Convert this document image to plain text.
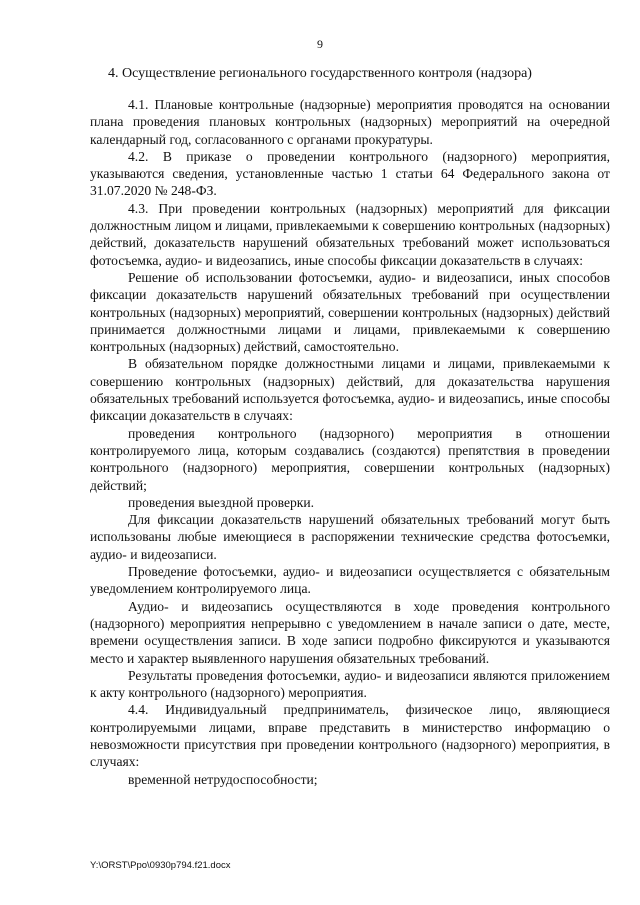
9
4. Осуществление регионального государственного контроля (надзора)

4.1. Плановые контрольные (надзорные) мероприятия проводятся на основании плана проведения плановых контрольных (надзорных) мероприятий на очередной календарный год, согласованного с органами прокуратуры.

4.2. В приказе о проведении контрольного (надзорного) мероприятия, указываются сведения, установленные частью 1 статьи 64 Федерального закона от 31.07.2020 № 248-ФЗ.

4.3. При проведении контрольных (надзорных) мероприятий для фиксации должностным лицом и лицами, привлекаемыми к совершению контрольных (надзорных) действий, доказательств нарушений обязательных требований может использоваться фотосъемка, аудио- и видеозапись, иные способы фиксации доказательств в случаях:

Решение об использовании фотосъемки, аудио- и видеозаписи, иных способов фиксации доказательств нарушений обязательных требований при осуществлении контрольных (надзорных) мероприятий, совершении контрольных (надзорных) действий принимается должностными лицами и лицами, привлекаемыми к совершению контрольных (надзорных) действий, самостоятельно.

В обязательном порядке должностными лицами и лицами, привлекаемыми к совершению контрольных (надзорных) действий, для доказательства нарушения обязательных требований используется фотосъемка, аудио- и видеозапись, иные способы фиксации доказательств в случаях:

проведения контрольного (надзорного) мероприятия в отношении контролируемого лица, которым создавались (создаются) препятствия в проведении контрольного (надзорного) мероприятия, совершении контрольных (надзорных) действий;

проведения выездной проверки.

Для фиксации доказательств нарушений обязательных требований могут быть использованы любые имеющиеся в распоряжении технические средства фотосъемки, аудио- и видеозаписи.

Проведение фотосъемки, аудио- и видеозаписи осуществляется с обязательным уведомлением контролируемого лица.

Аудио- и видеозапись осуществляются в ходе проведения контрольного (надзорного) мероприятия непрерывно с уведомлением в начале записи о дате, месте, времени осуществления записи. В ходе записи подробно фиксируются и указываются место и характер выявленного нарушения обязательных требований.

Результаты проведения фотосъемки, аудио- и видеозаписи являются приложением к акту контрольного (надзорного) мероприятия.

4.4. Индивидуальный предприниматель, физическое лицо, являющиеся контролируемыми лицами, вправе представить в министерство информацию о невозможности присутствия при проведении контрольного (надзорного) мероприятия, в случаях:

временной нетрудоспособности;

Y:\ORST\Ppo\0930p794.f21.docx
